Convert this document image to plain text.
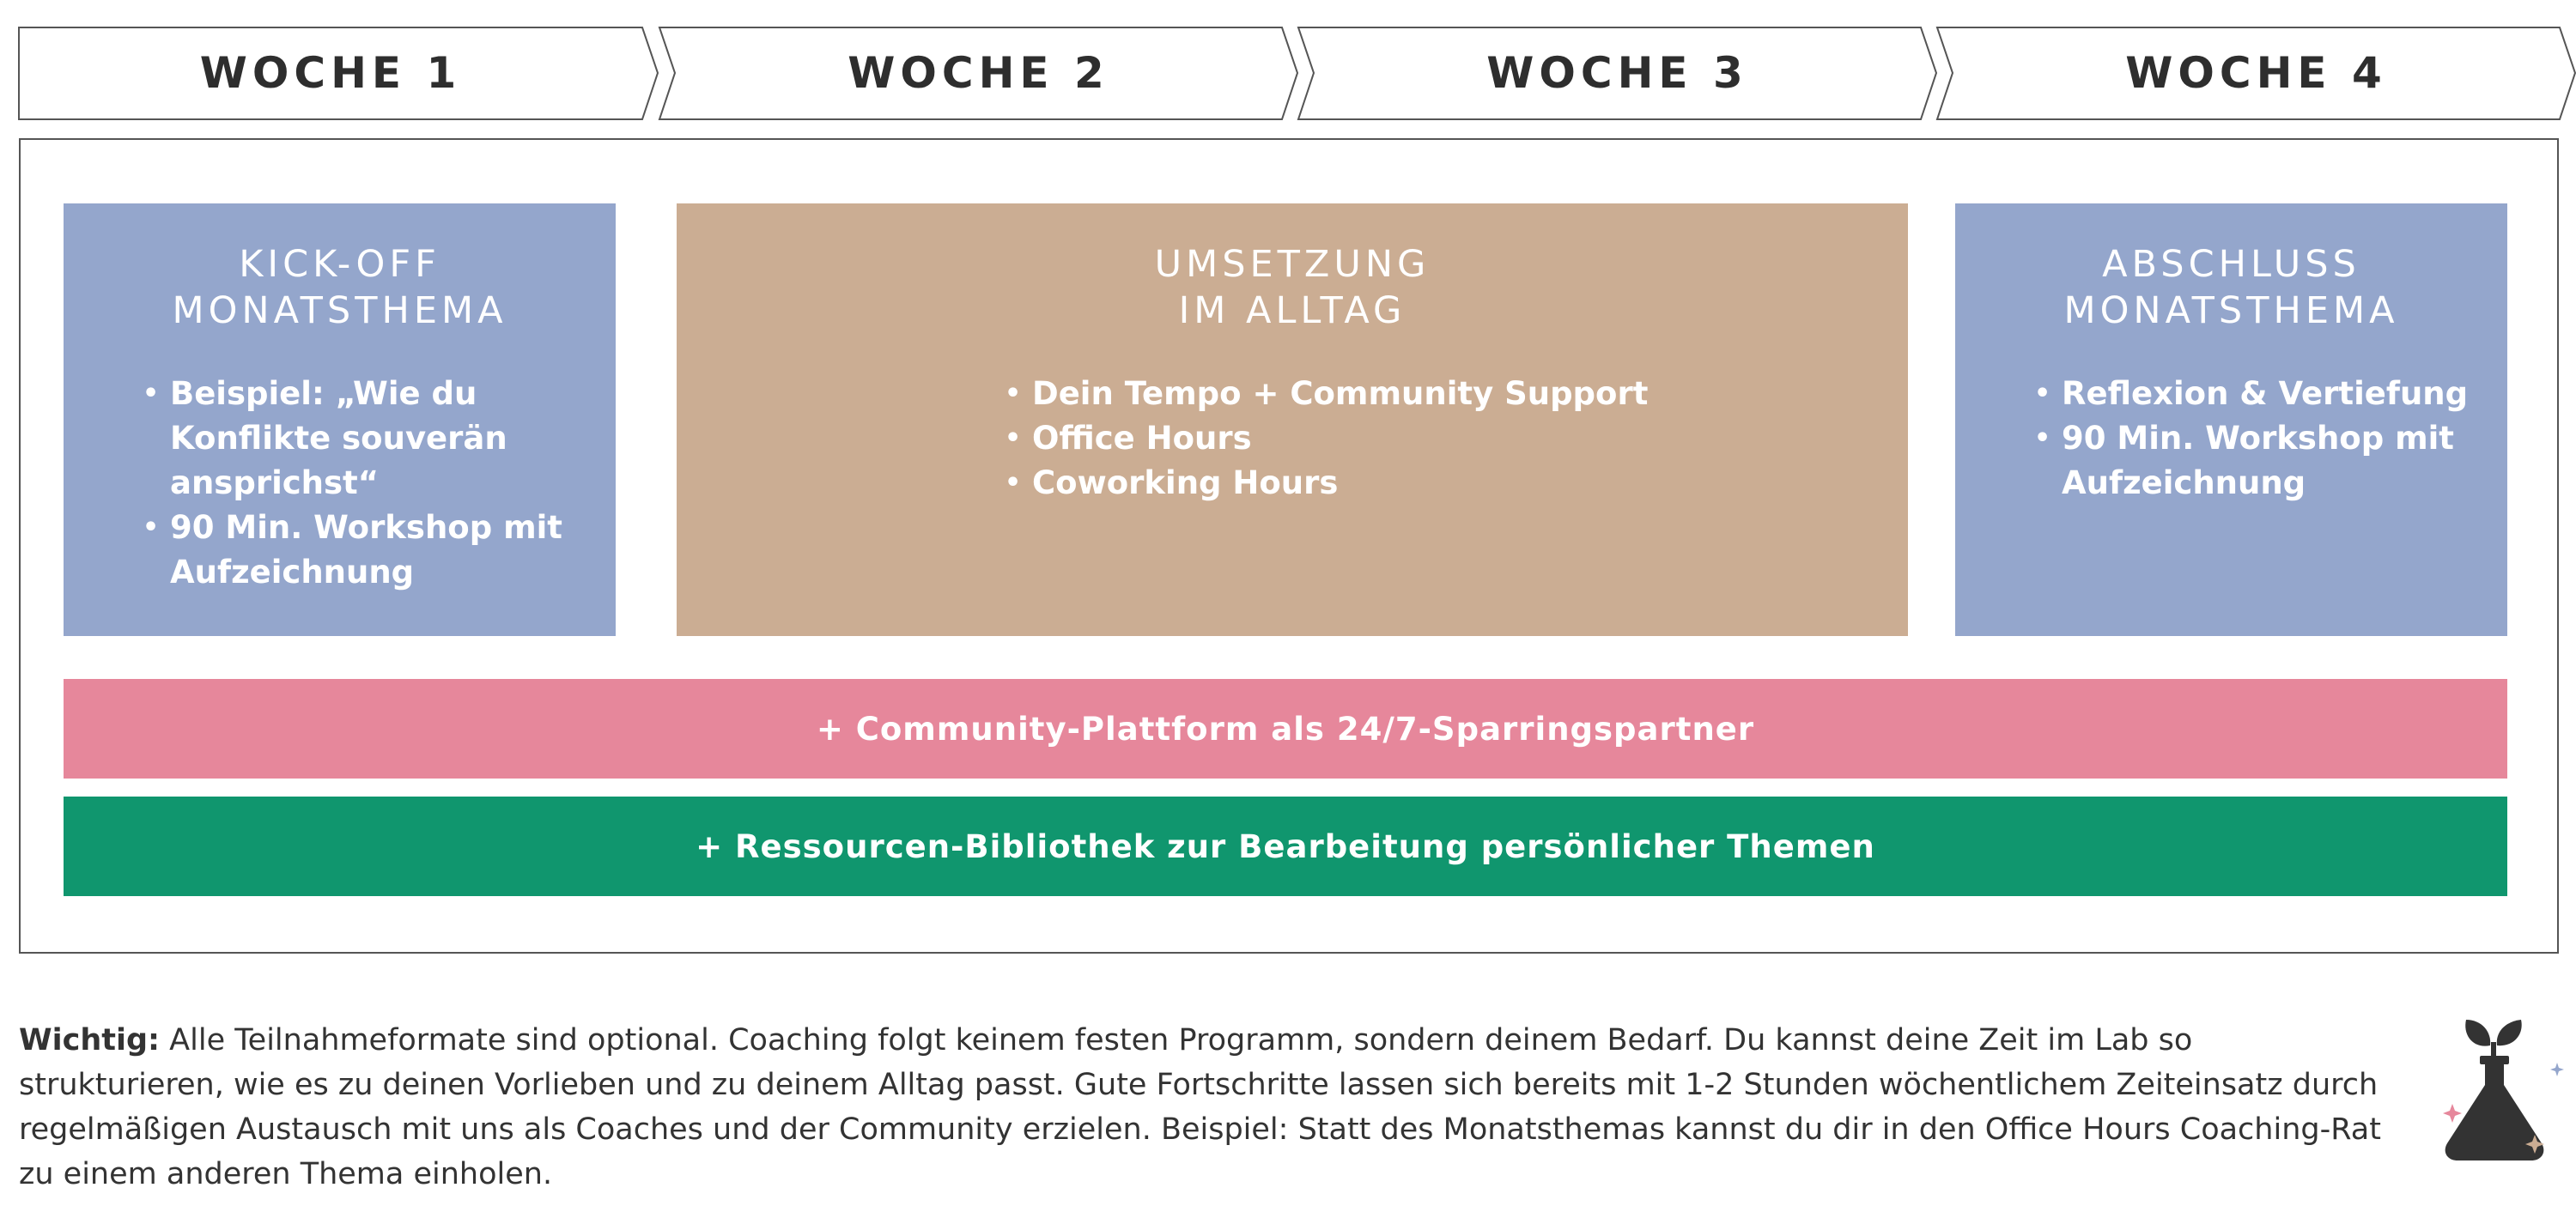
WOCHE 1	WOCHE 2	WOCHE 3	WOCHE 4
KICK-OFF
MONATSTHEMA
• Beispiel: „Wie du Konflikte souverän ansprichst“
• 90 Min. Workshop mit Aufzeichnung
UMSETZUNG
IM ALLTAG
• Dein Tempo + Community Support
• Office Hours
• Coworking Hours
ABSCHLUSS
MONATSTHEMA
• Reflexion & Vertiefung
• 90 Min. Workshop mit Aufzeichnung
+ Community-Plattform als 24/7-Sparringspartner
+ Ressourcen-Bibliothek zur Bearbeitung persönlicher Themen
Wichtig: Alle Teilnahmeformate sind optional. Coaching folgt keinem festen Programm, sondern deinem Bedarf. Du kannst deine Zeit im Lab so strukturieren, wie es zu deinen Vorlieben und zu deinem Alltag passt. Gute Fortschritte lassen sich bereits mit 1-2 Stunden wöchentlichem Zeiteinsatz durch regelmäßigen Austausch mit uns als Coaches und der Community erzielen. Beispiel: Statt des Monatsthemas kannst du dir in den Office Hours Coaching-Rat zu einem anderen Thema einholen.
